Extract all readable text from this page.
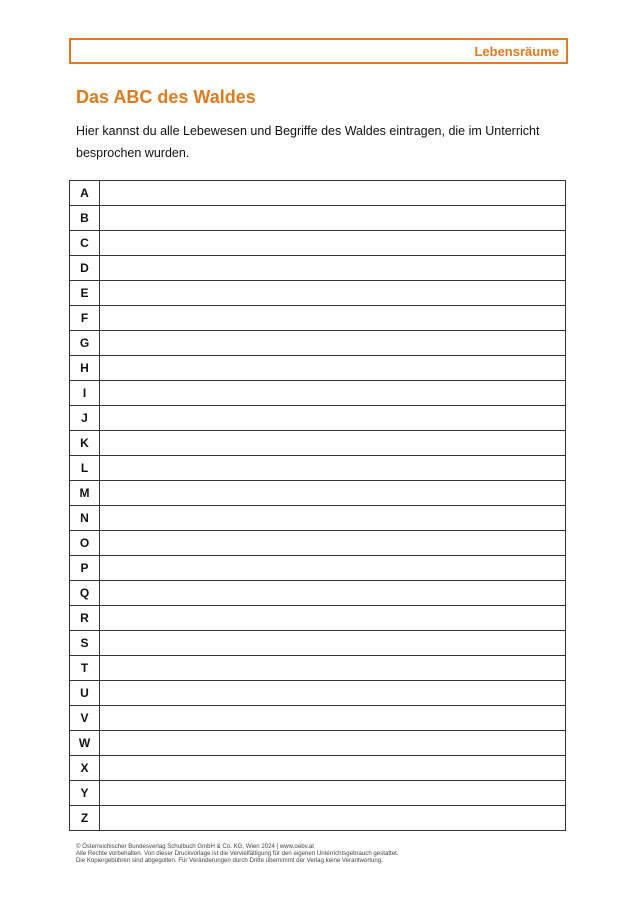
Lebensräume
Das ABC des Waldes

Hier kannst du alle Lebewesen und Begriffe des Waldes eintragen, die im Unterricht
besprochen wurden.

A	
B	
C	
D	
E	
F	
G	
H	
I	
J	
K	
L	
M	
N	
O	
P	
Q	
R	
S	
T	
U	
V	
W	
X	
Y	
Z	

© Österreichischer Bundesverlag Schulbuch GmbH & Co. KG, Wien 2024 | www.oebv.at
Alle Rechte vorbehalten. Von dieser Druckvorlage ist die Vervielfältigung für den eigenen Unterrichtsgebrauch gestattet.
Die Kopiergebühren sind abgegolten. Für Veränderungen durch Dritte übernimmt der Verlag keine Verantwortung.
